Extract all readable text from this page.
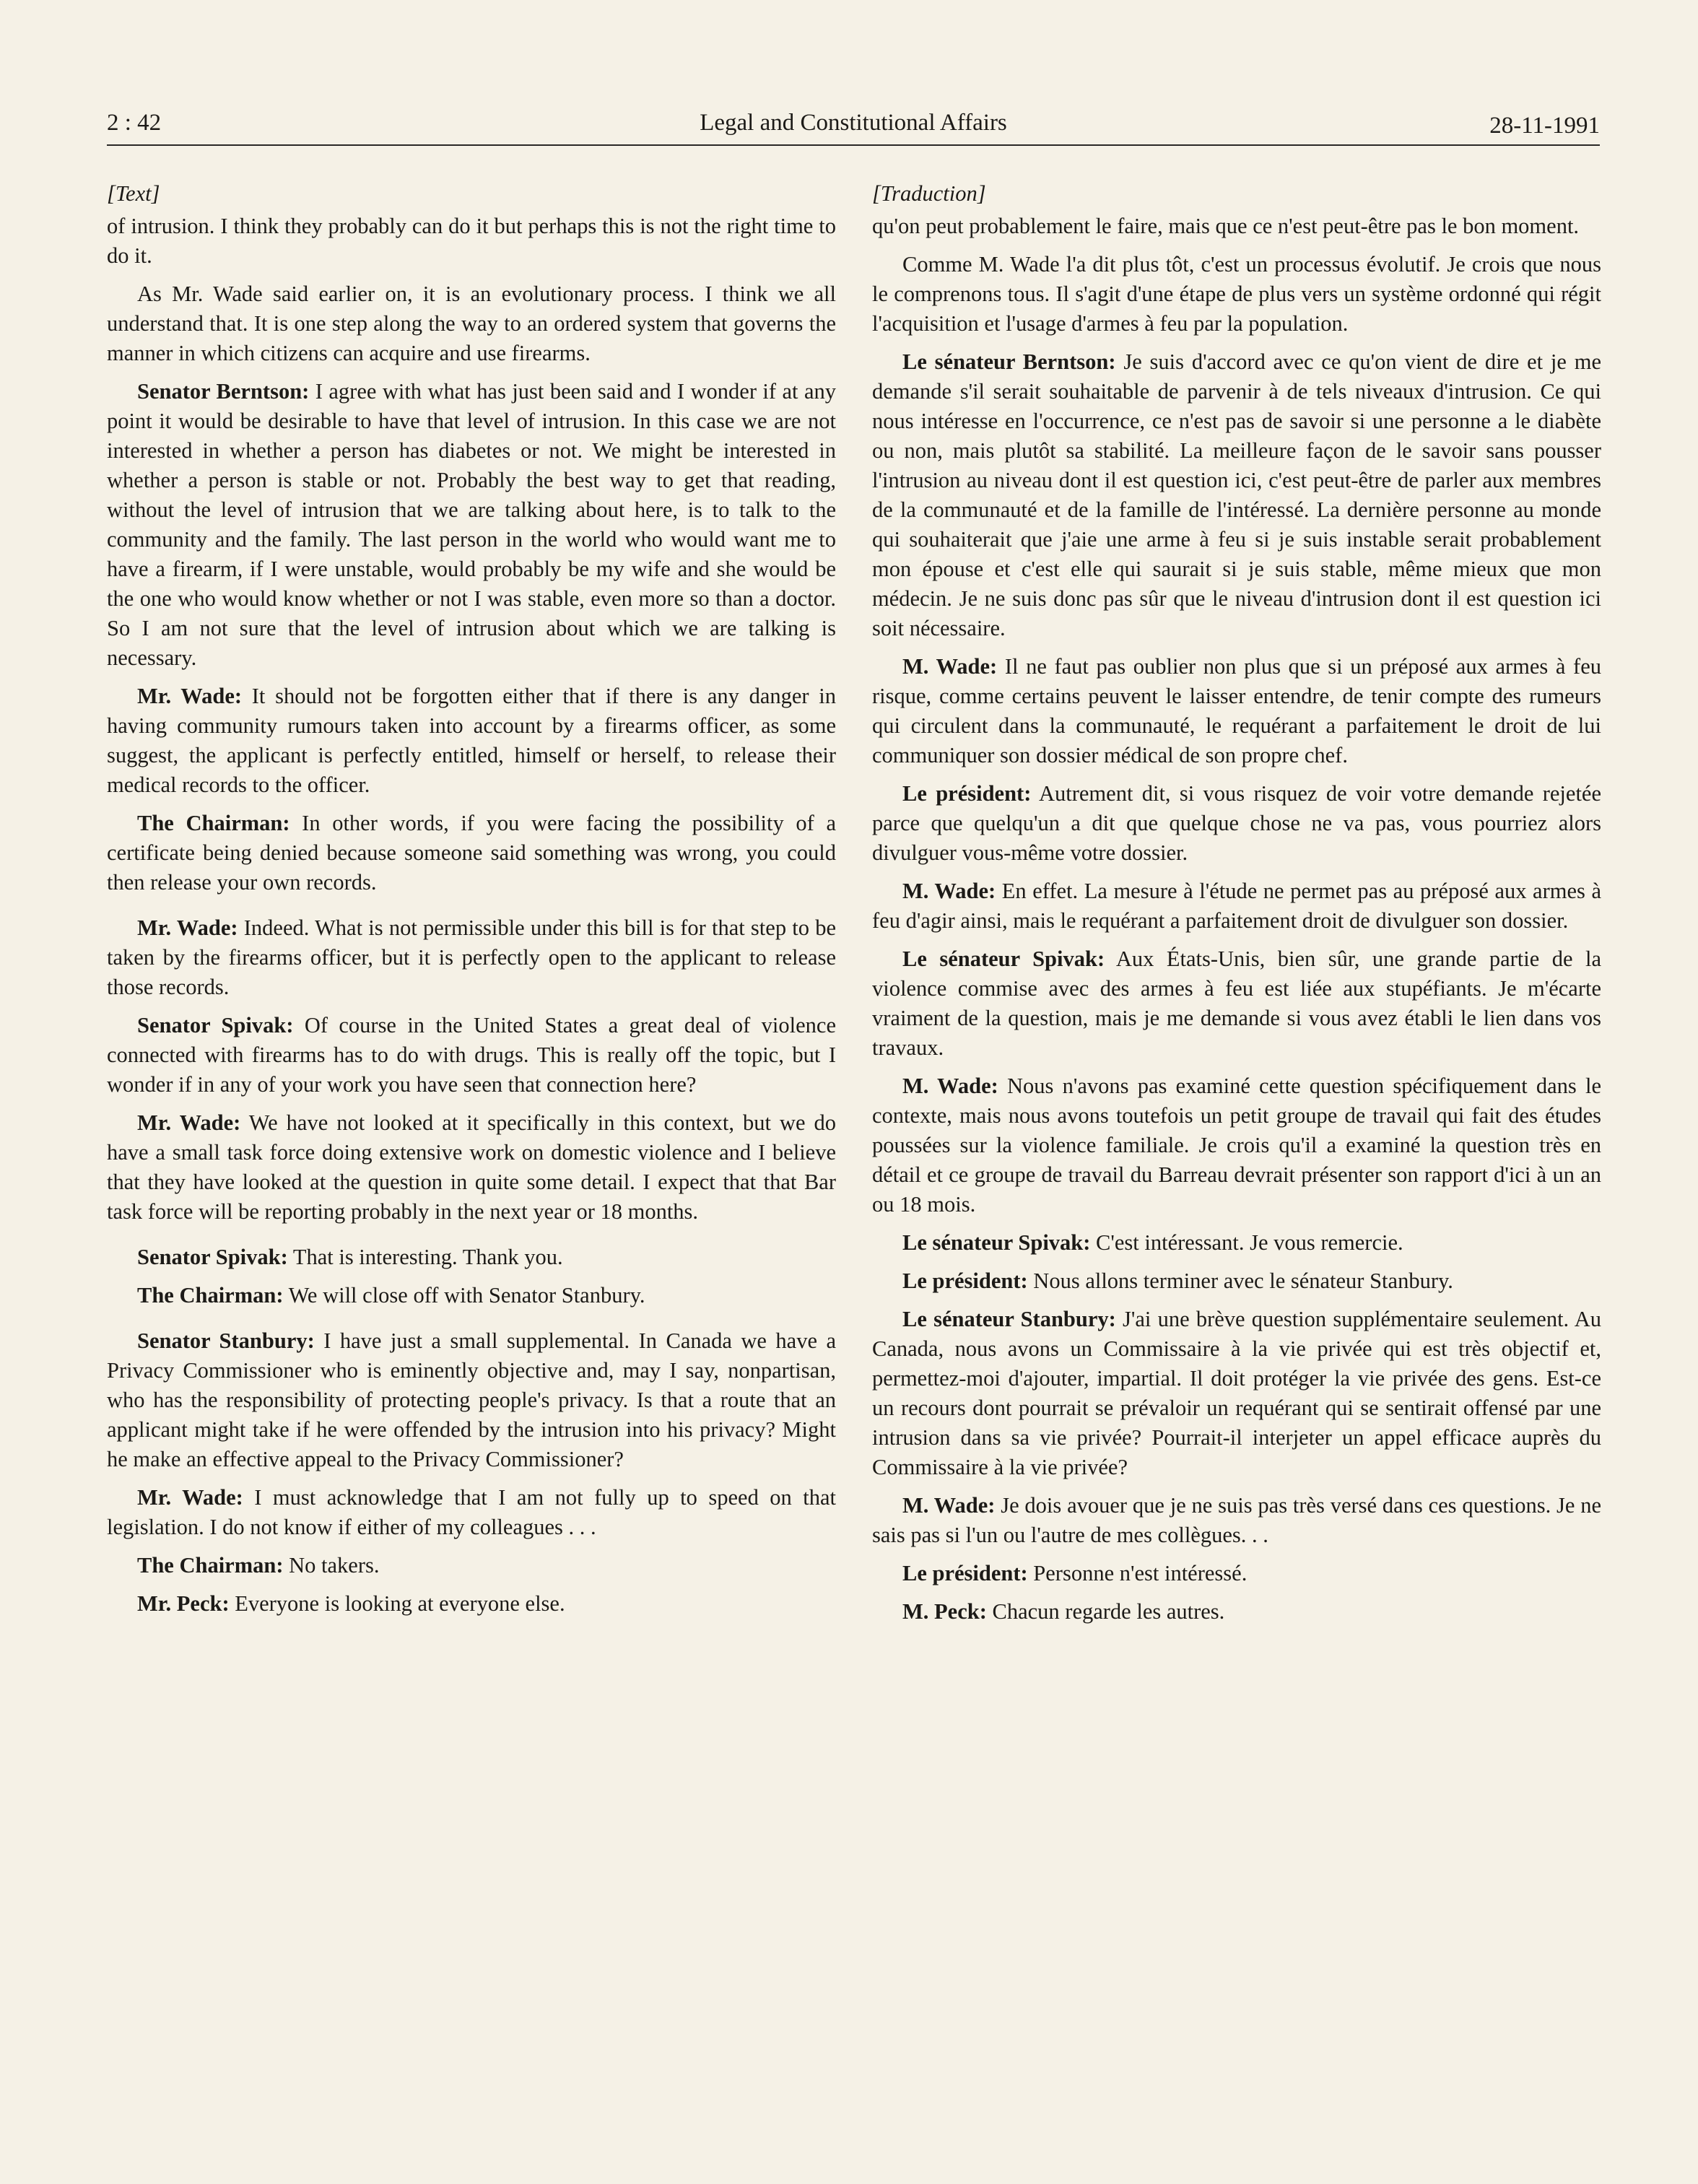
2 : 42	Legal and Constitutional Affairs	28-11-1991
[Text]

of intrusion. I think they probably can do it but perhaps this is not the right time to do it.

As Mr. Wade said earlier on, it is an evolutionary process. I think we all understand that. It is one step along the way to an ordered system that governs the manner in which citizens can acquire and use firearms.

Senator Berntson: I agree with what has just been said and I wonder if at any point it would be desirable to have that level of intrusion. In this case we are not interested in whether a person has diabetes or not. We might be interested in whether a person is stable or not. Probably the best way to get that reading, without the level of intrusion that we are talking about here, is to talk to the community and the family. The last person in the world who would want me to have a firearm, if I were unstable, would probably be my wife and she would be the one who would know whether or not I was stable, even more so than a doctor. So I am not sure that the level of intrusion about which we are talking is necessary.

Mr. Wade: It should not be forgotten either that if there is any danger in having community rumours taken into account by a firearms officer, as some suggest, the applicant is perfectly entitled, himself or herself, to release their medical records to the officer.

The Chairman: In other words, if you were facing the possibility of a certificate being denied because someone said something was wrong, you could then release your own records.

Mr. Wade: Indeed. What is not permissible under this bill is for that step to be taken by the firearms officer, but it is perfectly open to the applicant to release those records.

Senator Spivak: Of course in the United States a great deal of violence connected with firearms has to do with drugs. This is really off the topic, but I wonder if in any of your work you have seen that connection here?

Mr. Wade: We have not looked at it specifically in this context, but we do have a small task force doing extensive work on domestic violence and I believe that they have looked at the question in quite some detail. I expect that that Bar task force will be reporting probably in the next year or 18 months.

Senator Spivak: That is interesting. Thank you.

The Chairman: We will close off with Senator Stanbury.

Senator Stanbury: I have just a small supplemental. In Canada we have a Privacy Commissioner who is eminently objective and, may I say, nonpartisan, who has the responsibility of protecting people's privacy. Is that a route that an applicant might take if he were offended by the intrusion into his privacy? Might he make an effective appeal to the Privacy Commissioner?

Mr. Wade: I must acknowledge that I am not fully up to speed on that legislation. I do not know if either of my colleagues . . .

The Chairman: No takers.

Mr. Peck: Everyone is looking at everyone else.

[Traduction]

qu'on peut probablement le faire, mais que ce n'est peut-être pas le bon moment.

Comme M. Wade l'a dit plus tôt, c'est un processus évolutif. Je crois que nous le comprenons tous. Il s'agit d'une étape de plus vers un système ordonné qui régit l'acquisition et l'usage d'armes à feu par la population.

Le sénateur Berntson: Je suis d'accord avec ce qu'on vient de dire et je me demande s'il serait souhaitable de parvenir à de tels niveaux d'intrusion. Ce qui nous intéresse en l'occurrence, ce n'est pas de savoir si une personne a le diabète ou non, mais plutôt sa stabilité. La meilleure façon de le savoir sans pousser l'intrusion au niveau dont il est question ici, c'est peut-être de parler aux membres de la communauté et de la famille de l'intéressé. La dernière personne au monde qui souhaiterait que j'aie une arme à feu si je suis instable serait probablement mon épouse et c'est elle qui saurait si je suis stable, même mieux que mon médecin. Je ne suis donc pas sûr que le niveau d'intrusion dont il est question ici soit nécessaire.

M. Wade: Il ne faut pas oublier non plus que si un préposé aux armes à feu risque, comme certains peuvent le laisser entendre, de tenir compte des rumeurs qui circulent dans la communauté, le requérant a parfaitement le droit de lui communiquer son dossier médical de son propre chef.

Le président: Autrement dit, si vous risquez de voir votre demande rejetée parce que quelqu'un a dit que quelque chose ne va pas, vous pourriez alors divulguer vous-même votre dossier.

M. Wade: En effet. La mesure à l'étude ne permet pas au préposé aux armes à feu d'agir ainsi, mais le requérant a parfaitement droit de divulguer son dossier.

Le sénateur Spivak: Aux États-Unis, bien sûr, une grande partie de la violence commise avec des armes à feu est liée aux stupéfiants. Je m'écarte vraiment de la question, mais je me demande si vous avez établi le lien dans vos travaux.

M. Wade: Nous n'avons pas examiné cette question spécifiquement dans le contexte, mais nous avons toutefois un petit groupe de travail qui fait des études poussées sur la violence familiale. Je crois qu'il a examiné la question très en détail et ce groupe de travail du Barreau devrait présenter son rapport d'ici à un an ou 18 mois.

Le sénateur Spivak: C'est intéressant. Je vous remercie.

Le président: Nous allons terminer avec le sénateur Stanbury.

Le sénateur Stanbury: J'ai une brève question supplémentaire seulement. Au Canada, nous avons un Commissaire à la vie privée qui est très objectif et, permettez-moi d'ajouter, impartial. Il doit protéger la vie privée des gens. Est-ce un recours dont pourrait se prévaloir un requérant qui se sentirait offensé par une intrusion dans sa vie privée? Pourrait-il interjeter un appel efficace auprès du Commissaire à la vie privée?

M. Wade: Je dois avouer que je ne suis pas très versé dans ces questions. Je ne sais pas si l'un ou l'autre de mes collègues. . .

Le président: Personne n'est intéressé.

M. Peck: Chacun regarde les autres.
